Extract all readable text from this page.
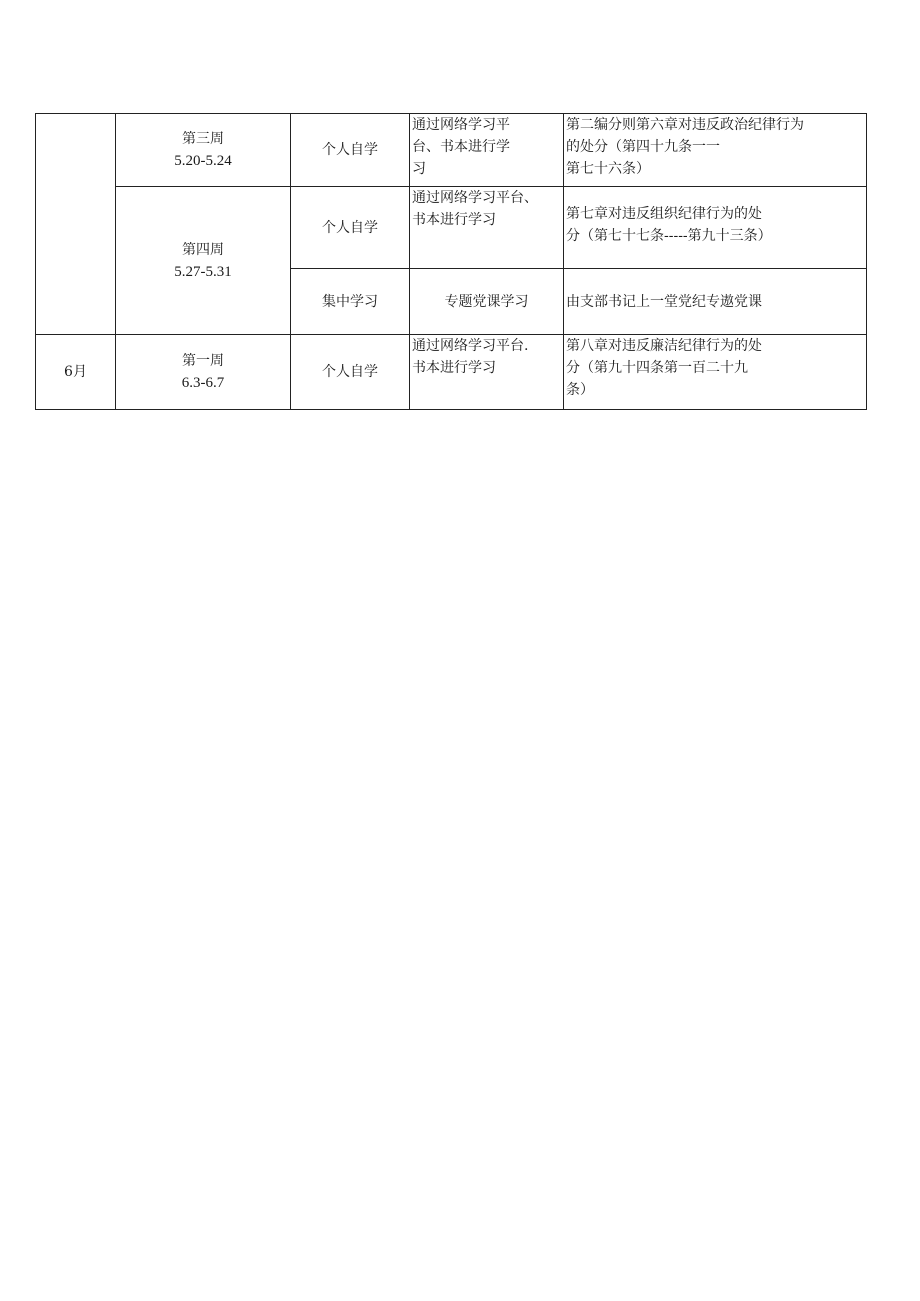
	第三周
5.20-5.24	个人自学	通过网络学习平
台、书本进行学
习	第二编分则第六章对违反政治纪律行为
的处分（第四十九条一一
第七十六条）

	第四周
5.27-5.31	个人自学	通过网络学习平台、
书本进行学习	第七章对违反组织纪律行为的处
分（第七十七条-----第九十三条）

		集中学习	专题党课学习	由支部书记上一堂党纪专遨党课
6月	第一周
6.3-6.7	个人自学	通过网络学习平台.
书本进行学习	第八章对违反廉洁纪律行为的处
分（第九十四条第一百二十九
条）
